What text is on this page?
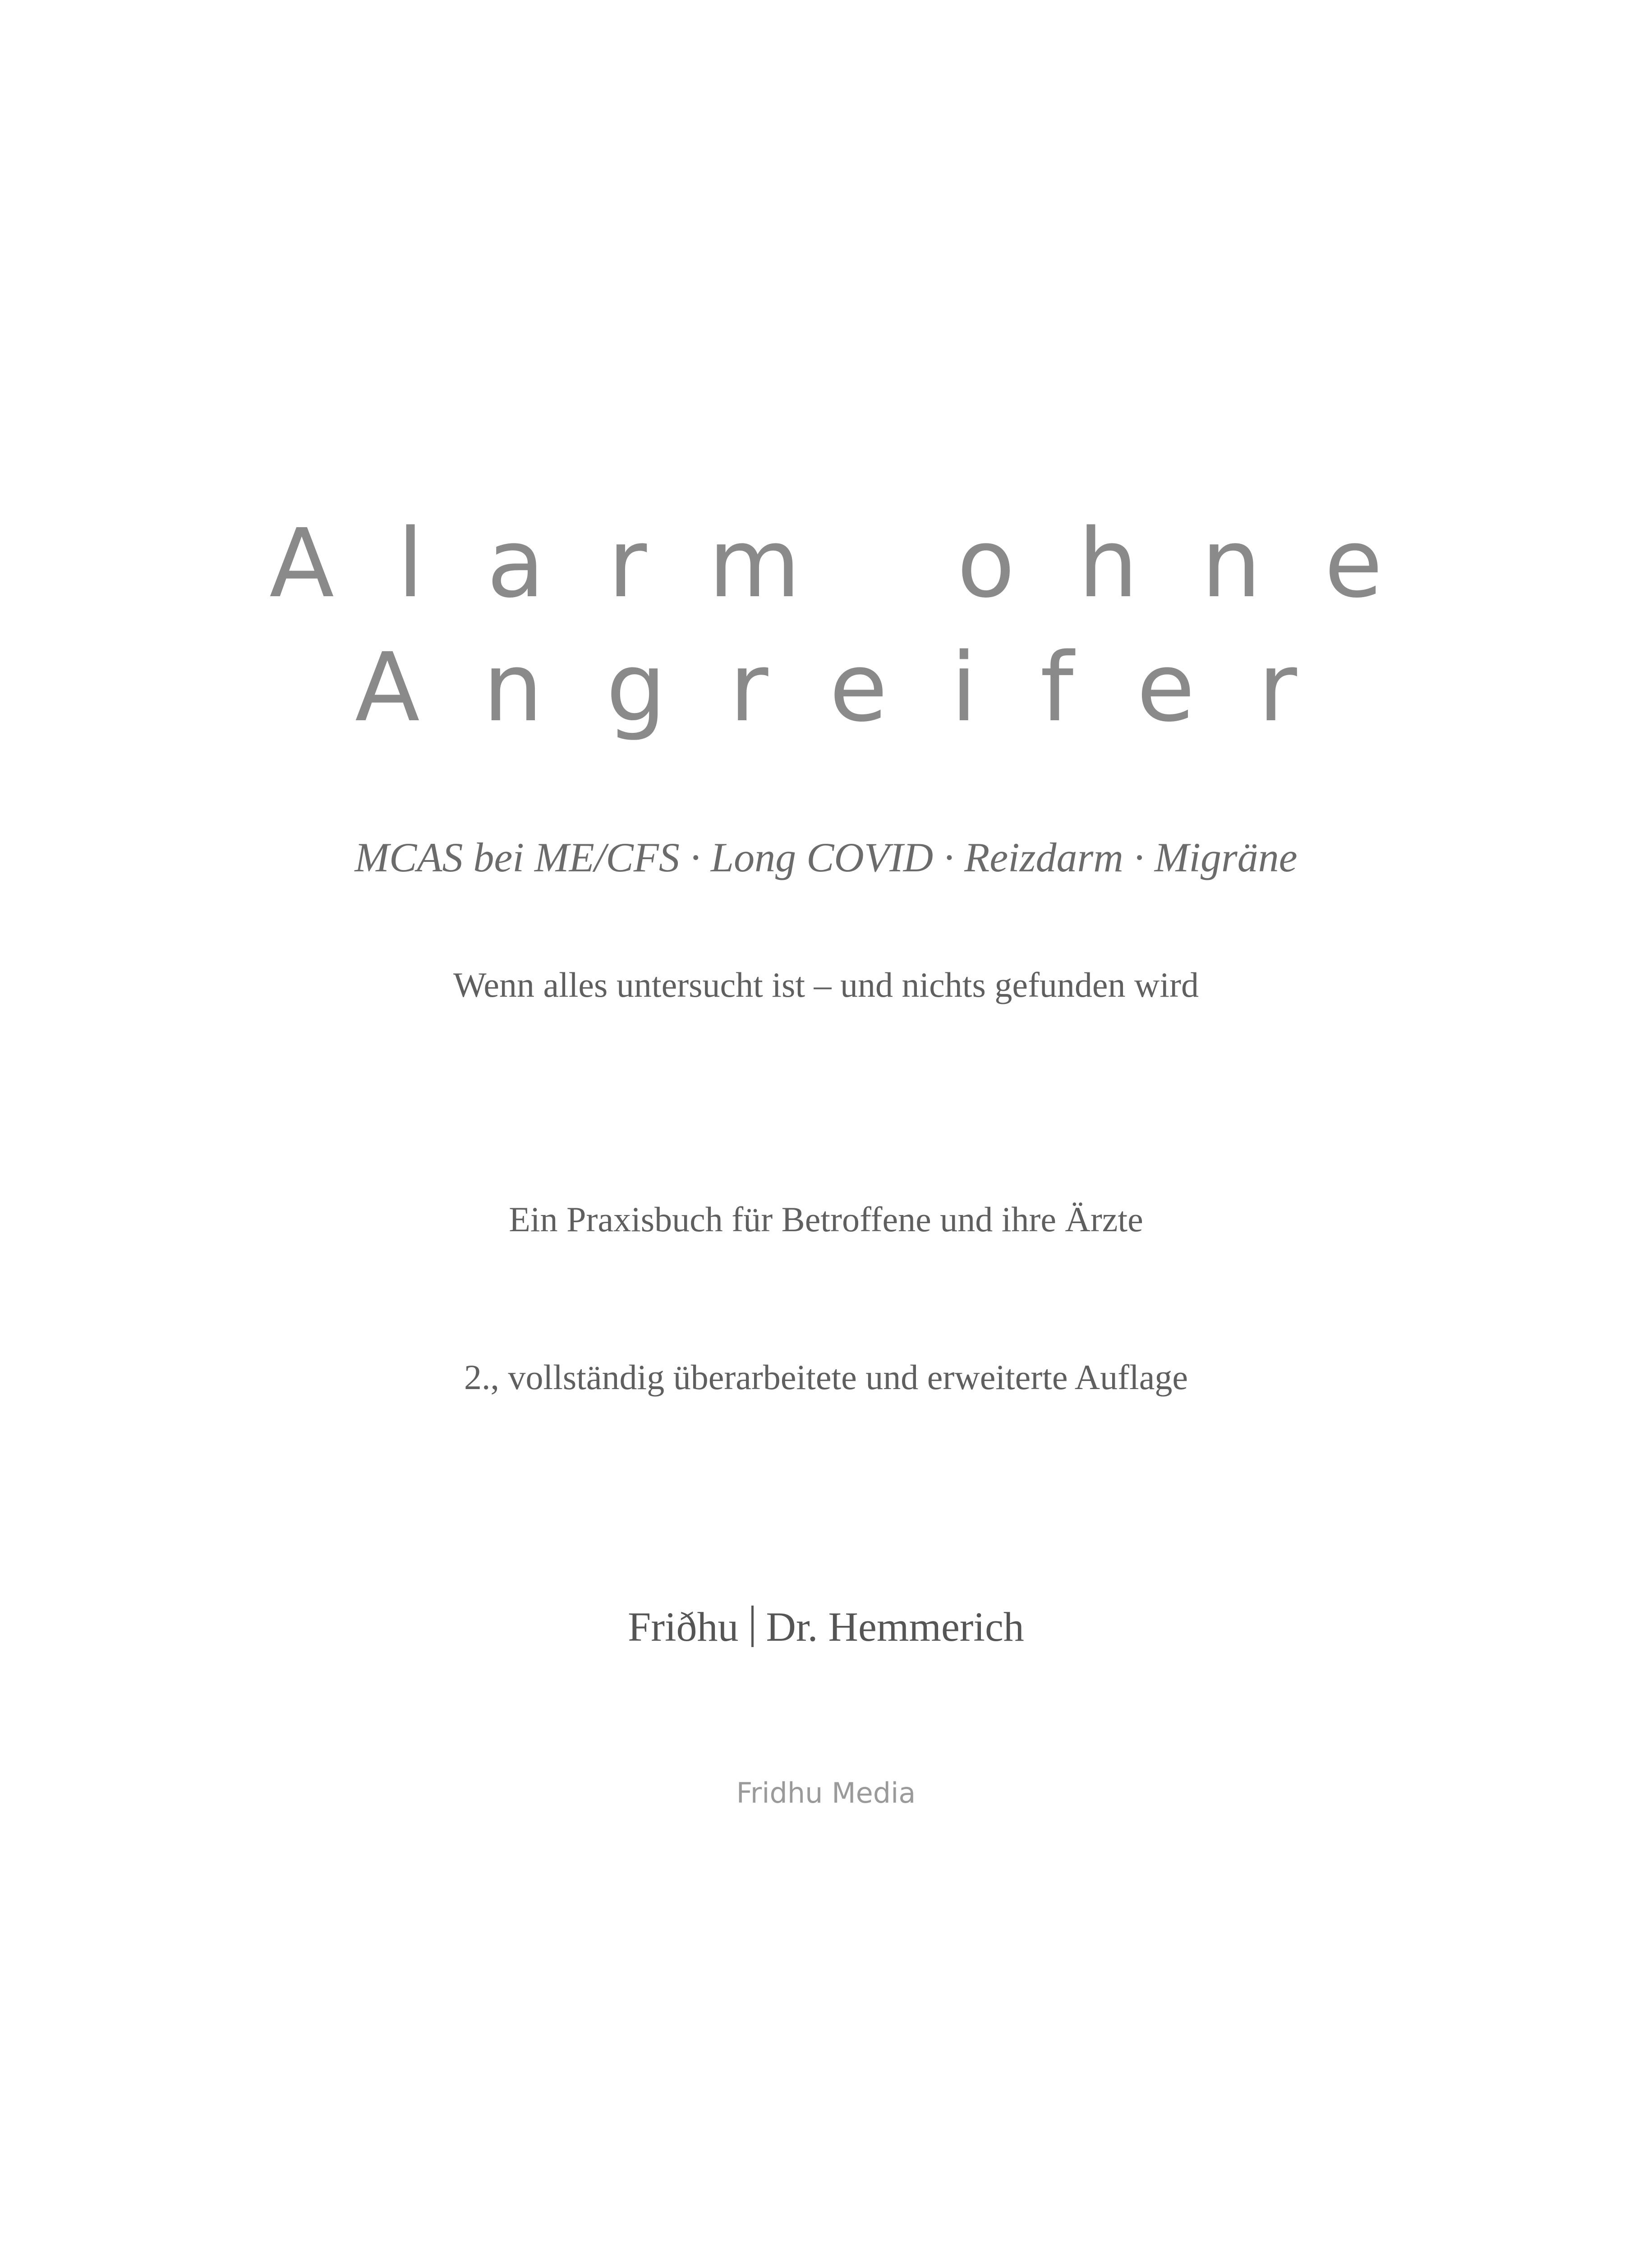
Alarm ohne
Angreifer
MCAS bei ME/CFS · Long COVID · Reizdarm · Migräne
Wenn alles untersucht ist – und nichts gefunden wird
Ein Praxisbuch für Betroffene und ihre Ärzte
2., vollständig überarbeitete und erweiterte Auflage
Friðhu Dr. Hemmerich
Fridhu Media
